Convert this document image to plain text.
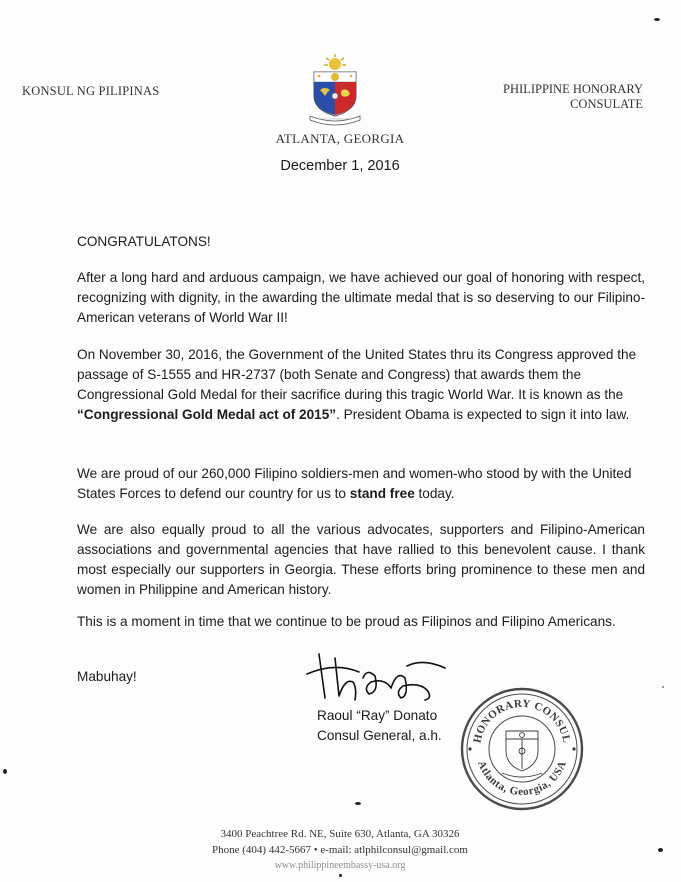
KONSUL NG PILIPINAS	PHILIPPINE HONORARY
CONSULATE
ATLANTA, GEORGIA
December 1, 2016
CONGRATULATONS!
After a long hard and arduous campaign, we have achieved our goal of honoring with respect, recognizing with dignity, in the awarding the ultimate medal that is so deserving to our Filipino-American veterans of World War II!
On November 30, 2016, the Government of the United States thru its Congress approved the passage of S-1555 and HR-2737 (both Senate and Congress) that awards them the Congressional Gold Medal for their sacrifice during this tragic World War. It is known as the “Congressional Gold Medal act of 2015”. President Obama is expected to sign it into law.
We are proud of our 260,000 Filipino soldiers-men and women-who stood by with the United States Forces to defend our country for us to stand free today.
We are also equally proud to all the various advocates, supporters and Filipino-American associations and governmental agencies that have rallied to this benevolent cause. I thank most especially our supporters in Georgia. These efforts bring prominence to these men and women in Philippine and American history.
This is a moment in time that we continue to be proud as Filipinos and Filipino Americans.
Mabuhay!
Raoul “Ray” Donato
Consul General, a.h.	HONORARY CONSUL
Atlanta, Georgia, USA
3400 Peachtree Rd. NE, Suite 630, Atlanta, GA 30326
Phone (404) 442-5667 • e-mail: atlphilconsul@gmail.com
www.philippineembassy-usa.org
